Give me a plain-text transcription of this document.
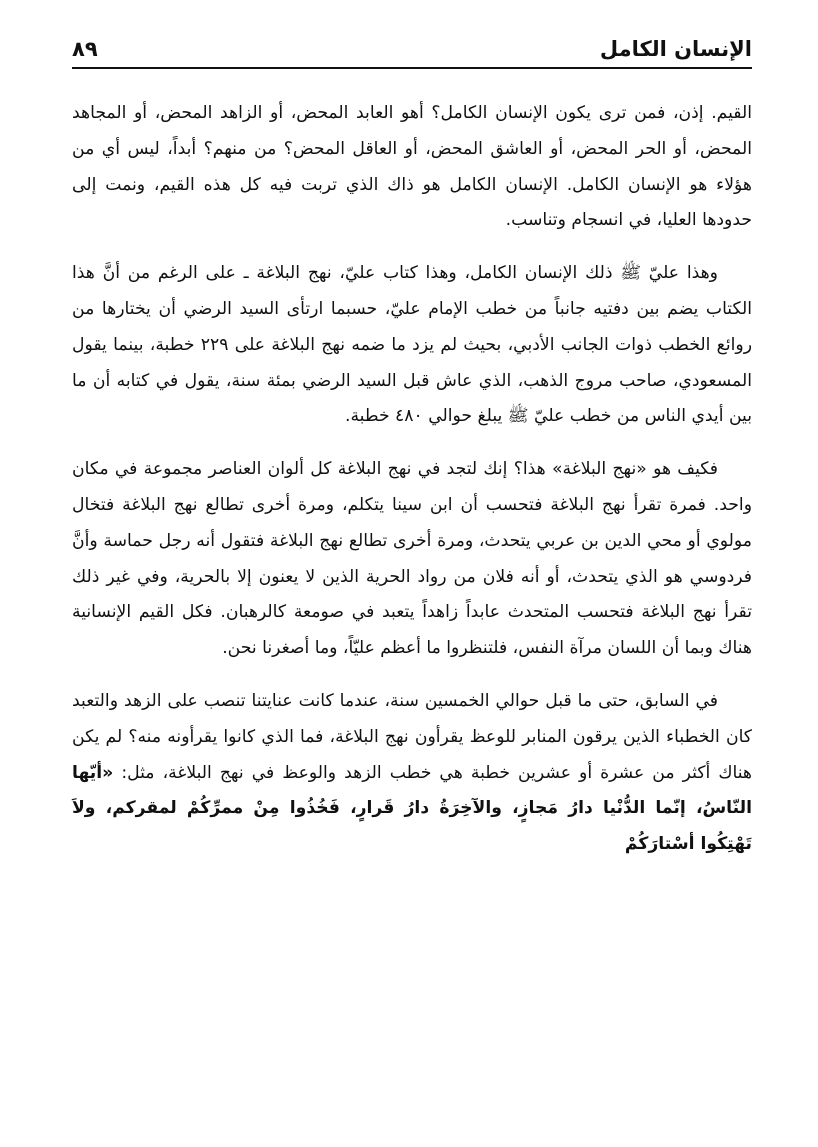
الإنسان الكامل
٨٩

القيم. إذن، فمن ترى يكون الإنسان الكامل؟ أهو العابد المحض، أو الزاهد المحض، أو المجاهد المحض، أو الحر المحض، أو العاشق المحض، أو العاقل المحض؟ من منهم؟ أبداً، ليس أي من هؤلاء هو الإنسان الكامل. الإنسان الكامل هو ذاك الذي تربت فيه كل هذه القيم، ونمت إلى حدودها العليا، في انسجام وتناسب.

وهذا عليّ ﷺ ذلك الإنسان الكامل، وهذا كتاب عليّ، نهج البلاغة ـ على الرغم من أنَّ هذا الكتاب يضم بين دفتيه جانباً من خطب الإمام عليّ، حسبما ارتأى السيد الرضي أن يختارها من روائع الخطب ذوات الجانب الأدبي، بحيث لم يزد ما ضمه نهج البلاغة على ٢٢٩ خطبة، بينما يقول المسعودي، صاحب مروج الذهب، الذي عاش قبل السيد الرضي بمئة سنة، يقول في كتابه أن ما بين أيدي الناس من خطب عليّ ﷺ يبلغ حوالي ٤٨٠ خطبة.

فكيف هو «نهج البلاغة» هذا؟ إنك لتجد في نهج البلاغة كل ألوان العناصر مجموعة في مكان واحد. فمرة تقرأ نهج البلاغة فتحسب أن ابن سينا يتكلم، ومرة أخرى تطالع نهج البلاغة فتخال مولوي أو محي الدين بن عربي يتحدث، ومرة أخرى تطالع نهج البلاغة فتقول أنه رجل حماسة وأنَّ فردوسي هو الذي يتحدث، أو أنه فلان من رواد الحرية الذين لا يعنون إلا بالحرية، وفي غير ذلك تقرأ نهج البلاغة فتحسب المتحدث عابداً زاهداً يتعبد في صومعة كالرهبان. فكل القيم الإنسانية هناك وبما أن اللسان مرآة النفس، فلتنظروا ما أعظم عليّاً، وما أصغرنا نحن.

في السابق، حتى ما قبل حوالي الخمسين سنة، عندما كانت عنايتنا تنصب على الزهد والتعبد كان الخطباء الذين يرقون المنابر للوعظ يقرأون نهج البلاغة، فما الذي كانوا يقرأونه منه؟ لم يكن هناك أكثر من عشرة أو عشرين خطبة هي خطب الزهد والوعظ في نهج البلاغة، مثل: «أيّها النّاسُ، إنّما الدُّنْيا دارُ مَجازٍ، والآخِرَةُ دارُ قَرارٍ، فَخُذُوا مِنْ ممرِّكُمْ لمقركم، ولاَ تَهْتِكُوا أسْتارَكُمْ
